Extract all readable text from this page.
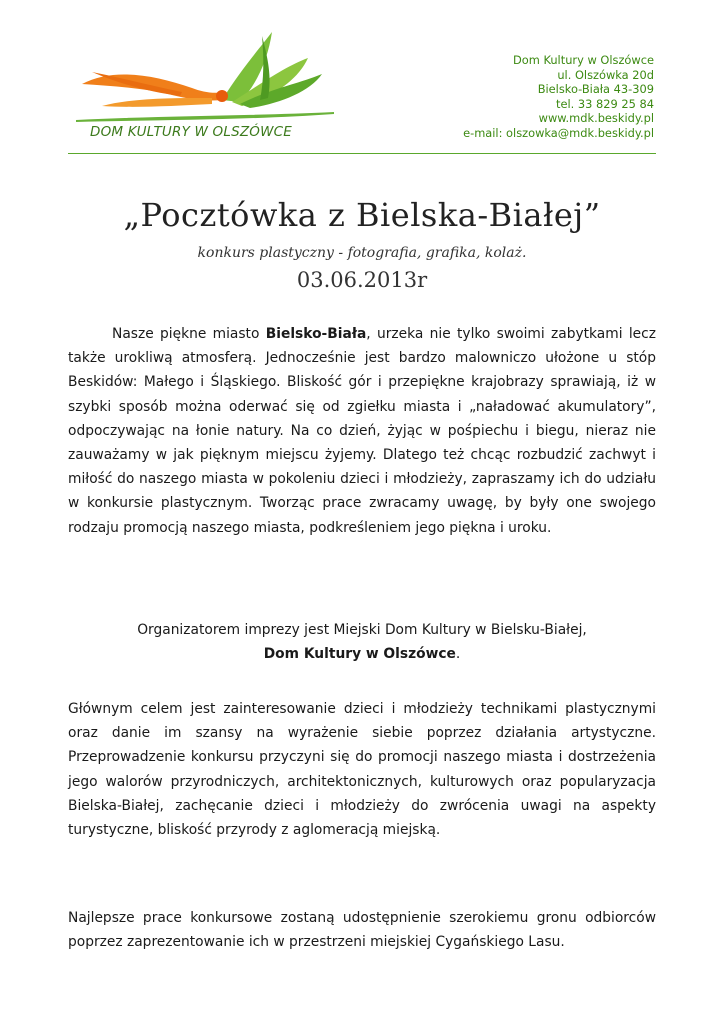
DOM KULTURY W OLSZÓWCE
Dom Kultury w Olszówce
ul. Olszówka 20d
Bielsko-Biała 43-309
tel. 33 829 25 84
www.mdk.beskidy.pl
e-mail: olszowka@mdk.beskidy.pl
„Pocztówka z Bielska-Białej”
konkurs plastyczny - fotografia, grafika, kolaż.
03.06.2013r
Nasze piękne miasto Bielsko-Biała, urzeka nie tylko swoimi zabytkami lecz także urokliwą atmosferą. Jednocześnie jest bardzo malowniczo ułożone u stóp Beskidów: Małego i Śląskiego. Bliskość gór i przepiękne krajobrazy sprawiają, iż w szybki sposób można oderwać się od zgiełku miasta i „naładować akumulatory”, odpoczywając na łonie natury. Na co dzień, żyjąc w pośpiechu i biegu, nieraz nie zauważamy w jak pięknym miejscu żyjemy. Dlatego też chcąc rozbudzić zachwyt i miłość do naszego miasta w pokoleniu dzieci i młodzieży, zapraszamy ich do udziału w konkursie plastycznym. Tworząc prace zwracamy uwagę, by były one swojego rodzaju promocją naszego miasta, podkreśleniem jego piękna i uroku.
Organizatorem imprezy jest Miejski Dom Kultury w Bielsku-Białej,
Dom Kultury w Olszówce.
Głównym celem jest zainteresowanie dzieci i młodzieży technikami plastycznymi oraz danie im szansy na wyrażenie siebie poprzez działania artystyczne. Przeprowadzenie konkursu przyczyni się do promocji naszego miasta i dostrzeżenia jego walorów przyrodniczych, architektonicznych, kulturowych oraz popularyzacja Bielska-Białej, zachęcanie dzieci i młodzieży do zwrócenia uwagi na aspekty turystyczne, bliskość przyrody z aglomeracją miejską.
Najlepsze prace konkursowe zostaną udostępnienie szerokiemu gronu odbiorców poprzez zaprezentowanie ich w przestrzeni miejskiej Cygańskiego Lasu.
